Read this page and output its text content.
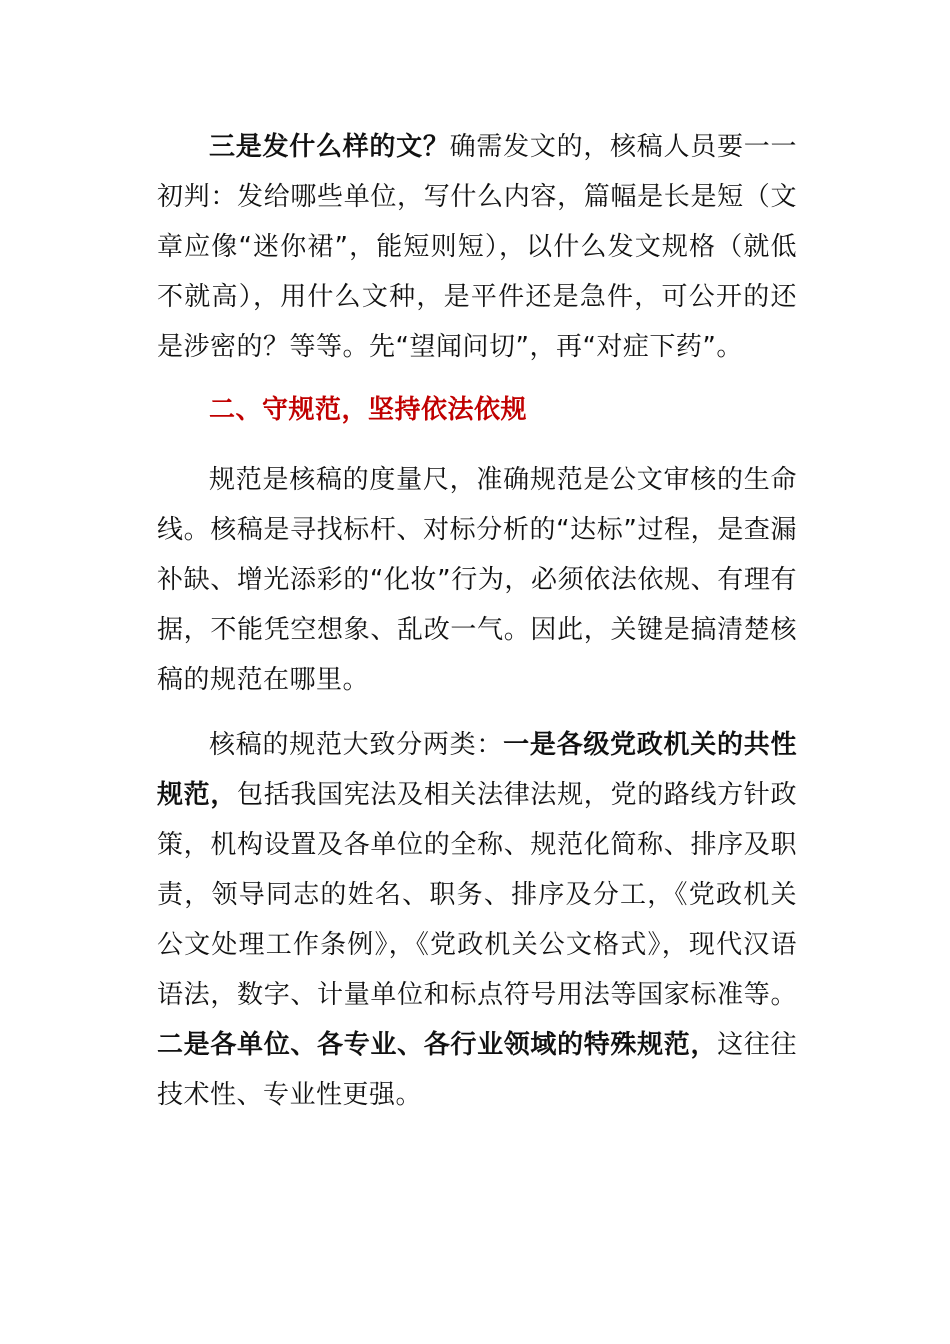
三是发什么样的文？确需发文的，核稿人员要一一初判：发给哪些单位，写什么内容，篇幅是长是短（文章应像“迷你裙”，能短则短），以什么发文规格（就低不就高），用什么文种，是平件还是急件，可公开的还是涉密的？等等。先“望闻问切”，再“对症下药”。

二、守规范，坚持依法依规

规范是核稿的度量尺，准确规范是公文审核的生命线。核稿是寻找标杆、对标分析的“达标”过程，是查漏补缺、增光添彩的“化妆”行为，必须依法依规、有理有据，不能凭空想象、乱改一气。因此，关键是搞清楚核稿的规范在哪里。

核稿的规范大致分两类：一是各级党政机关的共性规范，包括我国宪法及相关法律法规，党的路线方针政策，机构设置及各单位的全称、规范化简称、排序及职责，领导同志的姓名、职务、排序及分工，《党政机关公文处理工作条例》，《党政机关公文格式》，现代汉语语法，数字、计量单位和标点符号用法等国家标准等。二是各单位、各专业、各行业领域的特殊规范，这往往技术性、专业性更强。
